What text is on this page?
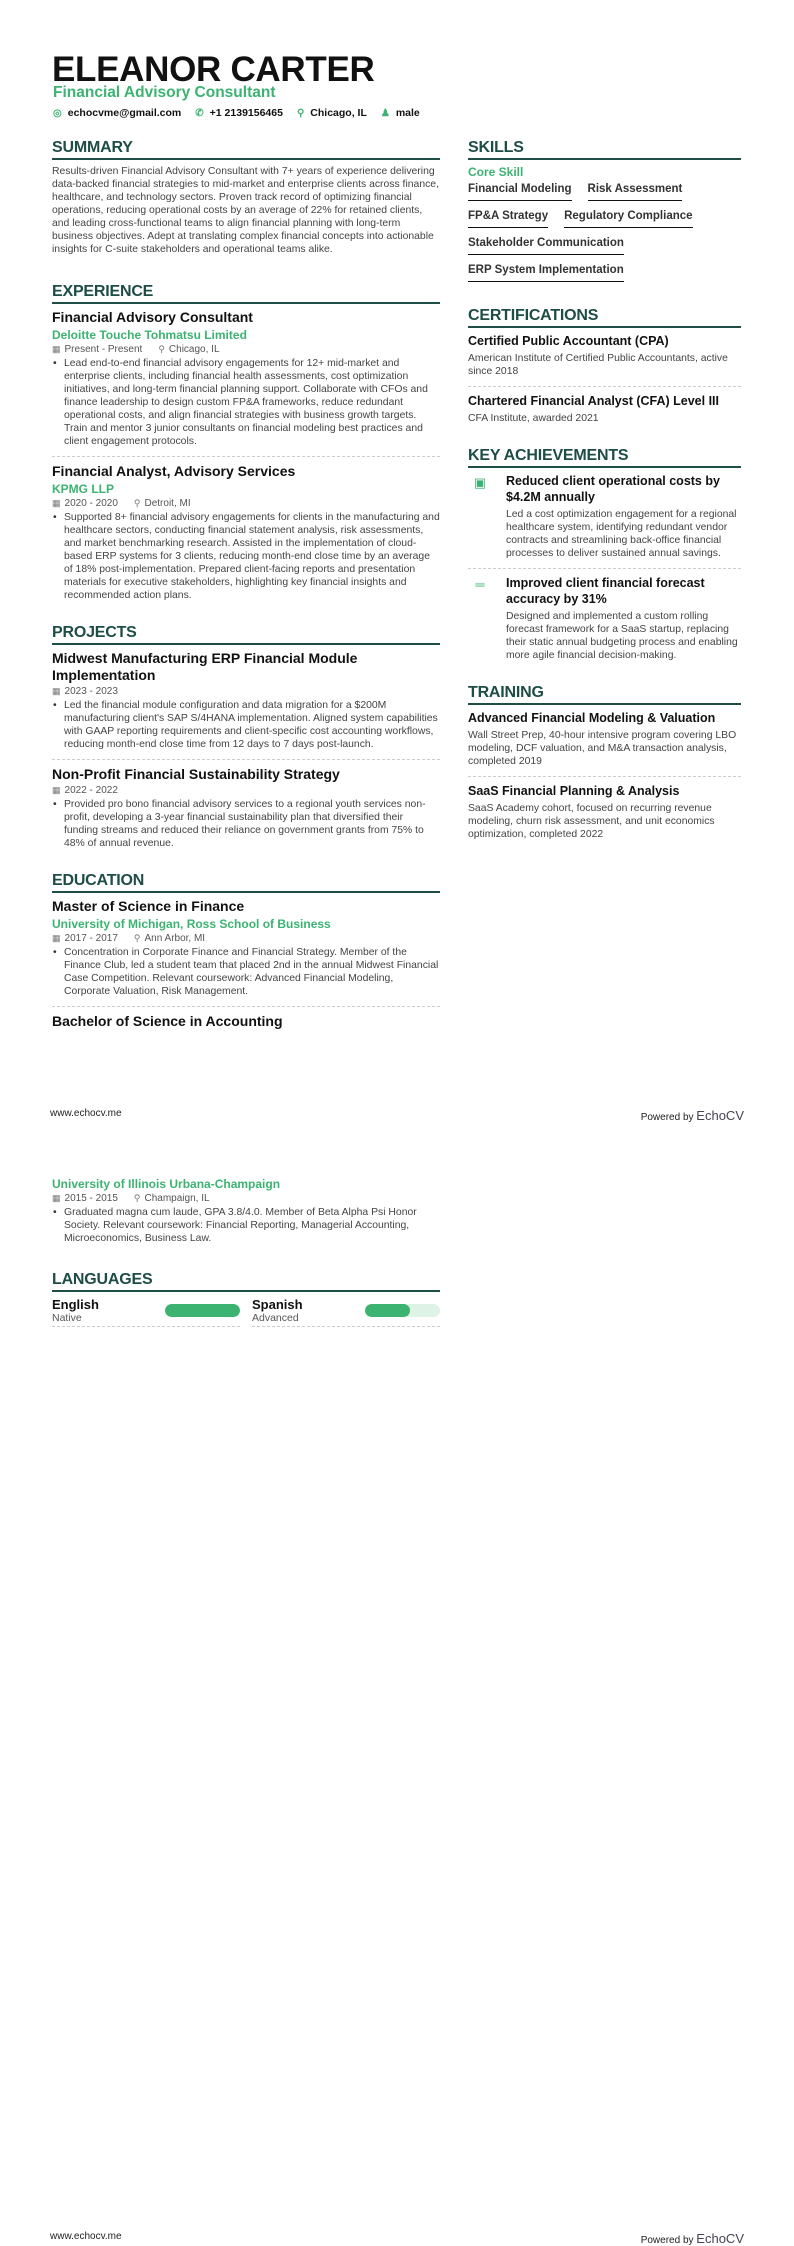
ELEANOR CARTER
Financial Advisory Consultant
◎ echocvme@gmail.com ✆ +1 2139156465 ⚲ Chicago, IL ♟ male
SUMMARY
Results-driven Financial Advisory Consultant with 7+ years of experience delivering data-backed financial strategies to mid-market and enterprise clients across finance, healthcare, and technology sectors. Proven track record of optimizing financial operations, reducing operational costs by an average of 22% for retained clients, and leading cross-functional teams to align financial planning with long-term business objectives. Adept at translating complex financial concepts into actionable insights for C-suite stakeholders and operational teams alike.
EXPERIENCE
Financial Advisory Consultant
Deloitte Touche Tohmatsu Limited
▦ Present - Present ⚲ Chicago, IL
• Lead end-to-end financial advisory engagements for 12+ mid-market and enterprise clients, including financial health assessments, cost optimization initiatives, and long-term financial planning support. Collaborate with CFOs and finance leadership to design custom FP&A frameworks, reduce redundant operational costs, and align financial strategies with business growth targets. Train and mentor 3 junior consultants on financial modeling best practices and client engagement protocols.
Financial Analyst, Advisory Services
KPMG LLP
▦ 2020 - 2020 ⚲ Detroit, MI
• Supported 8+ financial advisory engagements for clients in the manufacturing and healthcare sectors, conducting financial statement analysis, risk assessments, and market benchmarking research. Assisted in the implementation of cloud-based ERP systems for 3 clients, reducing month-end close time by an average of 18% post-implementation. Prepared client-facing reports and presentation materials for executive stakeholders, highlighting key financial insights and recommended action plans.
PROJECTS
Midwest Manufacturing ERP Financial Module Implementation
▦ 2023 - 2023
• Led the financial module configuration and data migration for a $200M manufacturing client's SAP S/4HANA implementation. Aligned system capabilities with GAAP reporting requirements and client-specific cost accounting workflows, reducing month-end close time from 12 days to 7 days post-launch.
Non-Profit Financial Sustainability Strategy
▦ 2022 - 2022
• Provided pro bono financial advisory services to a regional youth services non-profit, developing a 3-year financial sustainability plan that diversified their funding streams and reduced their reliance on government grants from 75% to 48% of annual revenue.
EDUCATION
Master of Science in Finance
University of Michigan, Ross School of Business
▦ 2017 - 2017 ⚲ Ann Arbor, MI
• Concentration in Corporate Finance and Financial Strategy. Member of the Finance Club, led a student team that placed 2nd in the annual Midwest Financial Case Competition. Relevant coursework: Advanced Financial Modeling, Corporate Valuation, Risk Management.
Bachelor of Science in Accounting
SKILLS
Core Skill
Financial Modeling Risk Assessment
FP&A Strategy Regulatory Compliance
Stakeholder Communication
ERP System Implementation
CERTIFICATIONS
Certified Public Accountant (CPA)
American Institute of Certified Public Accountants, active since 2018
Chartered Financial Analyst (CFA) Level III
CFA Institute, awarded 2021
KEY ACHIEVEMENTS
▣	Reduced client operational costs by $4.2M annually
Led a cost optimization engagement for a regional healthcare system, identifying redundant vendor contracts and streamlining back-office financial processes to deliver sustained annual savings.
═	Improved client financial forecast accuracy by 31%
Designed and implemented a custom rolling forecast framework for a SaaS startup, replacing their static annual budgeting process and enabling more agile financial decision-making.
TRAINING
Advanced Financial Modeling & Valuation
Wall Street Prep, 40-hour intensive program covering LBO modeling, DCF valuation, and M&A transaction analysis, completed 2019
SaaS Financial Planning & Analysis
SaaS Academy cohort, focused on recurring revenue modeling, churn risk assessment, and unit economics optimization, completed 2022
www.echocv.me	Powered by EchoCV
University of Illinois Urbana-Champaign
▦ 2015 - 2015 ⚲ Champaign, IL
• Graduated magna cum laude, GPA 3.8/4.0. Member of Beta Alpha Psi Honor Society. Relevant coursework: Financial Reporting, Managerial Accounting, Microeconomics, Business Law.
LANGUAGES
English
Native
Spanish
Advanced
www.echocv.me	Powered by EchoCV
